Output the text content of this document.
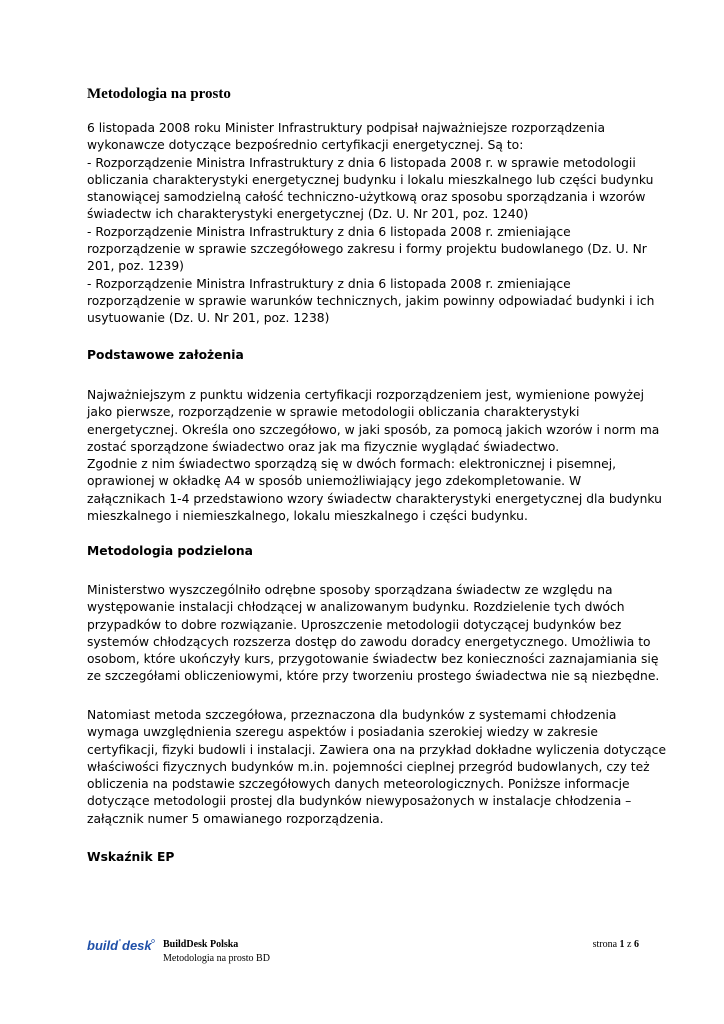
Metodologia na prosto
6 listopada 2008 roku Minister Infrastruktury podpisał najważniejsze rozporządzenia
wykonawcze dotyczące bezpośrednio certyfikacji energetycznej. Są to:
- Rozporządzenie Ministra Infrastruktury z dnia 6 listopada 2008 r. w sprawie metodologii
obliczania charakterystyki energetycznej budynku i lokalu mieszkalnego lub części budynku
stanowiącej samodzielną całość techniczno-użytkową oraz sposobu sporządzania i wzorów
świadectw ich charakterystyki energetycznej (Dz. U. Nr 201, poz. 1240)
- Rozporządzenie Ministra Infrastruktury z dnia 6 listopada 2008 r. zmieniające
rozporządzenie w sprawie szczegółowego zakresu i formy projektu budowlanego (Dz. U. Nr
201, poz. 1239)
- Rozporządzenie Ministra Infrastruktury z dnia 6 listopada 2008 r. zmieniające
rozporządzenie w sprawie warunków technicznych, jakim powinny odpowiadać budynki i ich
usytuowanie (Dz. U. Nr 201, poz. 1238)
Podstawowe założenia
Najważniejszym z punktu widzenia certyfikacji rozporządzeniem jest, wymienione powyżej
jako pierwsze, rozporządzenie w sprawie metodologii obliczania charakterystyki
energetycznej. Określa ono szczegółowo, w jaki sposób, za pomocą jakich wzorów i norm ma
zostać sporządzone świadectwo oraz jak ma fizycznie wyglądać świadectwo.
Zgodnie z nim świadectwo sporządzą się w dwóch formach: elektronicznej i pisemnej,
oprawionej w okładkę A4 w sposób uniemożliwiający jego zdekompletowanie. W
załącznikach 1-4 przedstawiono wzory świadectw charakterystyki energetycznej dla budynku
mieszkalnego i niemieszkalnego, lokalu mieszkalnego i części budynku.
Metodologia podzielona
Ministerstwo wyszczególniło odrębne sposoby sporządzana świadectw ze względu na
występowanie instalacji chłodzącej w analizowanym budynku. Rozdzielenie tych dwóch
przypadków to dobre rozwiązanie. Uproszczenie metodologii dotyczącej budynków bez
systemów chłodzących rozszerza dostęp do zawodu doradcy energetycznego. Umożliwia to
osobom, które ukończyły kurs, przygotowanie świadectw bez konieczności zaznajamiania się
ze szczegółami obliczeniowymi, które przy tworzeniu prostego świadectwa nie są niezbędne.
Natomiast metoda szczegółowa, przeznaczona dla budynków z systemami chłodzenia
wymaga uwzględnienia szeregu aspektów i posiadania szerokiej wiedzy w zakresie
certyfikacji, fizyki budowli i instalacji. Zawiera ona na przykład dokładne wyliczenia dotyczące
właściwości fizycznych budynków m.in. pojemności cieplnej przegród budowlanych, czy też
obliczenia na podstawie szczegółowych danych meteorologicznych. Poniższe informacje
dotyczące metodologii prostej dla budynków niewyposażonych w instalacje chłodzenia –
załącznik numer 5 omawianego rozporządzenia.
Wskaźnik EP
build ' desk BuildDesk Polska
Metodologia na prosto BD
strona 1 z 6
